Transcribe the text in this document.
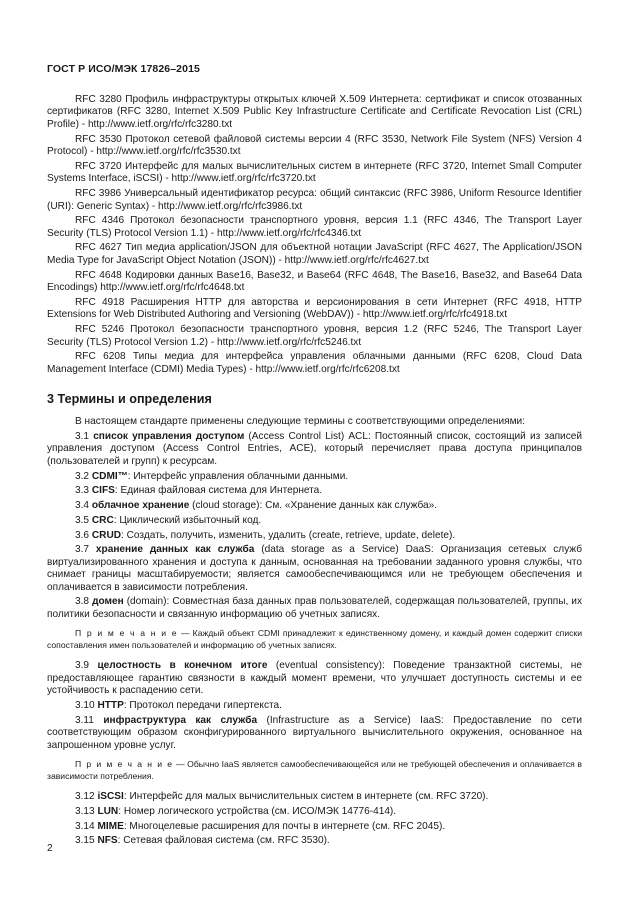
ГОСТ Р ИСО/МЭК 17826–2015

RFC 3280 Профиль инфраструктуры открытых ключей X.509 Интернета: сертификат и список отозванных сертификатов (RFC 3280, Internet X.509 Public Key Infrastructure Certificate and Certificate Revocation List (CRL) Profile) - http://www.ietf.org/rfc/rfc3280.txt

RFC 3530 Протокол сетевой файловой системы версии 4 (RFC 3530, Network File System (NFS) Version 4 Protocol) - http://www.ietf.org/rfc/rfc3530.txt

RFC 3720 Интерфейс для малых вычислительных систем в интернете (RFC 3720, Internet Small Computer Systems Interface, iSCSI) - http://www.ietf.org/rfc/rfc3720.txt

RFC 3986 Универсальный идентификатор ресурса: общий синтаксис (RFC 3986, Uniform Resource Identifier (URI): Generic Syntax) - http://www.ietf.org/rfc/rfc3986.txt

RFC 4346 Протокол безопасности транспортного уровня, версия 1.1 (RFC 4346, The Transport Layer Security (TLS) Protocol Version 1.1) - http://www.ietf.org/rfc/rfc4346.txt

RFC 4627 Тип медиа application/JSON для объектной нотации JavaScript (RFC 4627, The Application/JSON Media Type for JavaScript Object Notation (JSON)) - http://www.ietf.org/rfc/rfc4627.txt

RFC 4648 Кодировки данных Base16, Base32, и Base64 (RFC 4648, The Base16, Base32, and Base64 Data Encodings) http://www.ietf.org/rfc/rfc4648.txt

RFC 4918 Расширения HTTP для авторства и версионирования в сети Интернет (RFC 4918, HTTP Extensions for Web Distributed Authoring and Versioning (WebDAV)) - http://www.ietf.org/rfc/rfc4918.txt

RFC 5246 Протокол безопасности транспортного уровня, версия 1.2 (RFC 5246, The Transport Layer Security (TLS) Protocol Version 1.2) - http://www.ietf.org/rfc/rfc5246.txt

RFC 6208 Типы медиа для интерфейса управления облачными данными (RFC 6208, Cloud Data Management Interface (CDMI) Media Types) - http://www.ietf.org/rfc/rfc6208.txt

3 Термины и определения

В настоящем стандарте применены следующие термины с соответствующими определениями:

3.1 список управления доступом (Access Control List) ACL: Постоянный список, состоящий из записей управления доступом (Access Control Entries, ACE), который перечисляет права доступа принципалов (пользователей и групп) к ресурсам.

3.2 CDMI™: Интерфейс управления облачными данными.

3.3 CIFS: Единая файловая система для Интернета.

3.4 облачное хранение (cloud storage): См. «Хранение данных как служба».

3.5 CRC: Циклический избыточный код.

3.6 CRUD: Создать, получить, изменить, удалить (create, retrieve, update, delete).

3.7 хранение данных как служба (data storage as a Service) DaaS: Организация сетевых служб виртуализированного хранения и доступа к данным, основанная на требовании заданного уровня службы, что снимает границы масштабируемости; является самообеспечивающимся или не требующем обеспечения и оплачивается в зависимости потребления.

3.8 домен (domain): Совместная база данных прав пользователей, содержащая пользователей, группы, их политики безопасности и связанную информацию об учетных записях.

П р и м е ч а н и е — Каждый объект CDMI принадлежит к единственному домену, и каждый домен содержит списки сопоставления имен пользователей и информацию об учетных записях.

3.9 целостность в конечном итоге (eventual consistency): Поведение транзактной системы, не предоставляющее гарантию связности в каждый момент времени, что улучшает доступность системы и ее устойчивость к распадению сети.

3.10 HTTP: Протокол передачи гипертекста.

3.11 инфраструктура как служба (Infrastructure as a Service) IaaS: Предоставление по сети соответствующим образом сконфигурированного виртуального вычислительного окружения, основанное на запрошенном уровне услуг.

П р и м е ч а н и е — Обычно IaaS является самообеспечивающейся или не требующей обеспечения и оплачивается в зависимости потребления.

3.12 iSCSI: Интерфейс для малых вычислительных систем в интернете (см. RFC 3720).

3.13 LUN: Номер логического устройства (см. ИСО/МЭК 14776-414).

3.14 MIME: Многоцелевые расширения для почты в интернете (см. RFC 2045).

3.15 NFS: Сетевая файловая система (см. RFC 3530).

2
